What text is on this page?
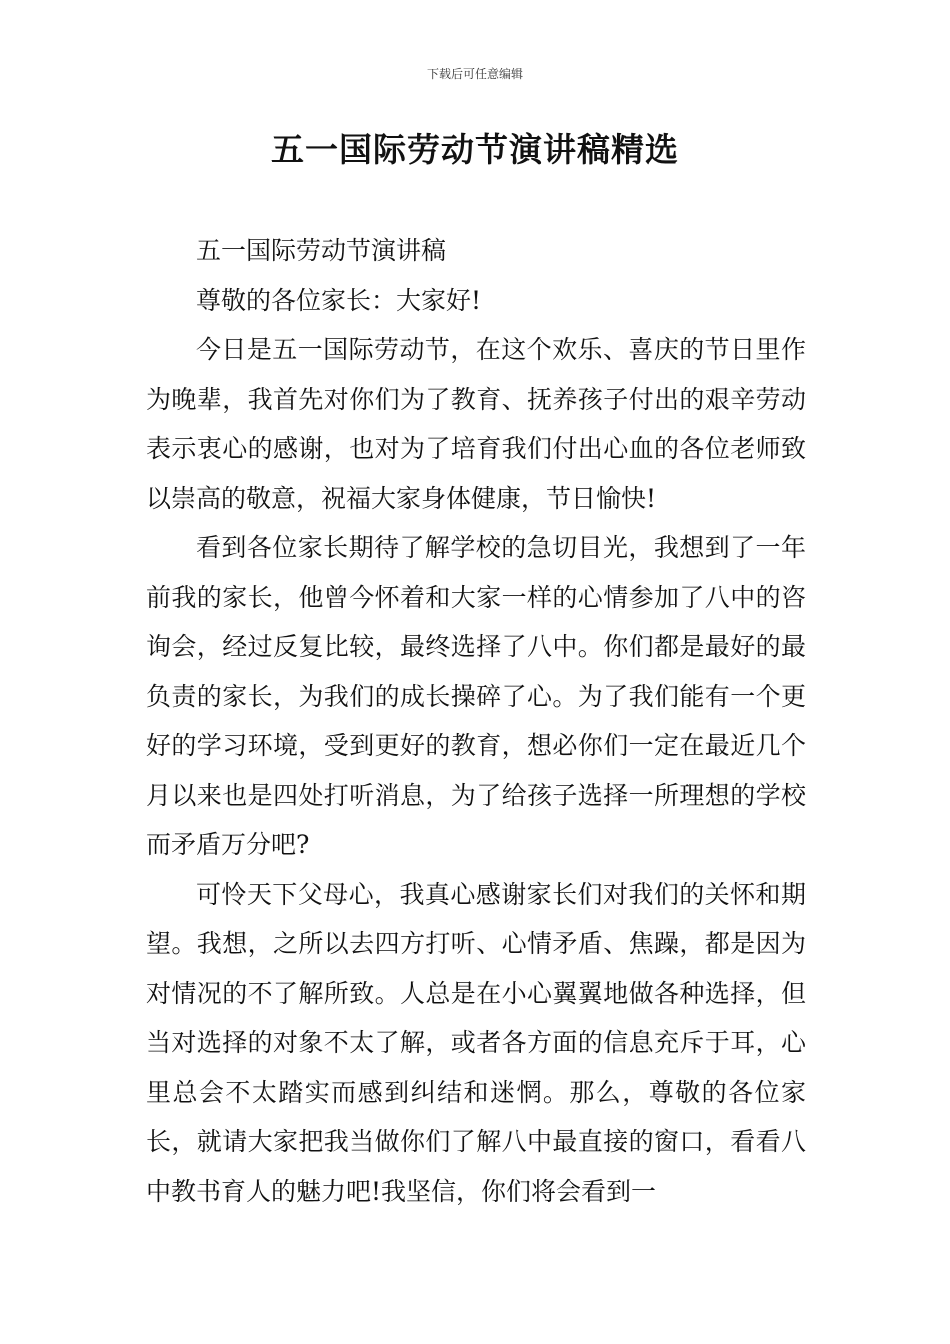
下载后可任意编辑
五一国际劳动节演讲稿精选

五一国际劳动节演讲稿

尊敬的各位家长：大家好!

今日是五一国际劳动节，在这个欢乐、喜庆的节日里作为晚辈，我首先对你们为了教育、抚养孩子付出的艰辛劳动表示衷心的感谢，也对为了培育我们付出心血的各位老师致以崇高的敬意，祝福大家身体健康，节日愉快!

看到各位家长期待了解学校的急切目光，我想到了一年前我的家长，他曾今怀着和大家一样的心情参加了八中的咨询会，经过反复比较，最终选择了八中。你们都是最好的最负责的家长，为我们的成长操碎了心。为了我们能有一个更好的学习环境，受到更好的教育，想必你们一定在最近几个月以来也是四处打听消息，为了给孩子选择一所理想的学校而矛盾万分吧?

可怜天下父母心，我真心感谢家长们对我们的关怀和期望。我想，之所以去四方打听、心情矛盾、焦躁，都是因为对情况的不了解所致。人总是在小心翼翼地做各种选择，但当对选择的对象不太了解，或者各方面的信息充斥于耳，心里总会不太踏实而感到纠结和迷惘。那么，尊敬的各位家长，就请大家把我当做你们了解八中最直接的窗口，看看八中教书育人的魅力吧!我坚信，你们将会看到一
